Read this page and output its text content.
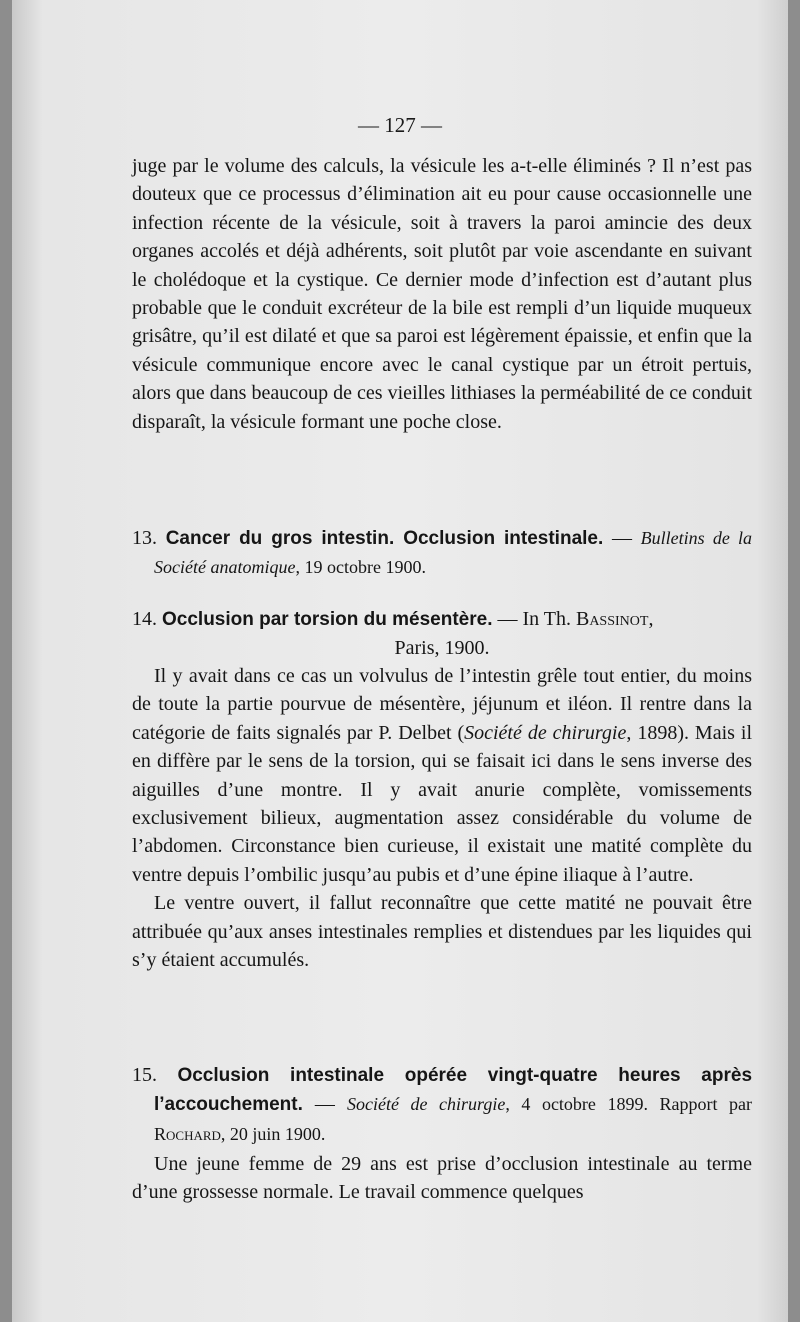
— 127 —

juge par le volume des calculs, la vésicule les a-t-elle éliminés ? Il n’est pas douteux que ce processus d’élimination ait eu pour cause occasionnelle une infection récente de la vésicule, soit à travers la paroi amincie des deux organes accolés et déjà adhérents, soit plutôt par voie ascendante en suivant le cholédoque et la cystique. Ce dernier mode d’infection est d’autant plus probable que le conduit excréteur de la bile est rempli d’un liquide muqueux grisâtre, qu’il est dilaté et que sa paroi est légèrement épaissie, et enfin que la vésicule communique encore avec le canal cystique par un étroit pertuis, alors que dans beaucoup de ces vieilles lithiases la perméabilité de ce conduit disparaît, la vésicule formant une poche close.

13. Cancer du gros intestin. Occlusion intestinale. — Bulletins de la Société anatomique, 19 octobre 1900.

14. Occlusion par torsion du mésentère. — In Th. Bassinot,

Paris, 1900.

Il y avait dans ce cas un volvulus de l’intestin grêle tout entier, du moins de toute la partie pourvue de mésentère, jéjunum et iléon. Il rentre dans la catégorie de faits signalés par P. Delbet (Société de chirurgie, 1898). Mais il en diffère par le sens de la torsion, qui se faisait ici dans le sens inverse des aiguilles d’une montre. Il y avait anurie complète, vomissements exclusivement bilieux, augmentation assez considérable du volume de l’abdomen. Circonstance bien curieuse, il existait une matité complète du ventre depuis l’ombilic jusqu’au pubis et d’une épine iliaque à l’autre.

Le ventre ouvert, il fallut reconnaître que cette matité ne pouvait être attribuée qu’aux anses intestinales remplies et distendues par les liquides qui s’y étaient accumulés.

15. Occlusion intestinale opérée vingt-quatre heures après l’accouchement. — Société de chirurgie, 4 octobre 1899. Rapport par Rochard, 20 juin 1900.

Une jeune femme de 29 ans est prise d’occlusion intestinale au terme d’une grossesse normale. Le travail commence quelques
